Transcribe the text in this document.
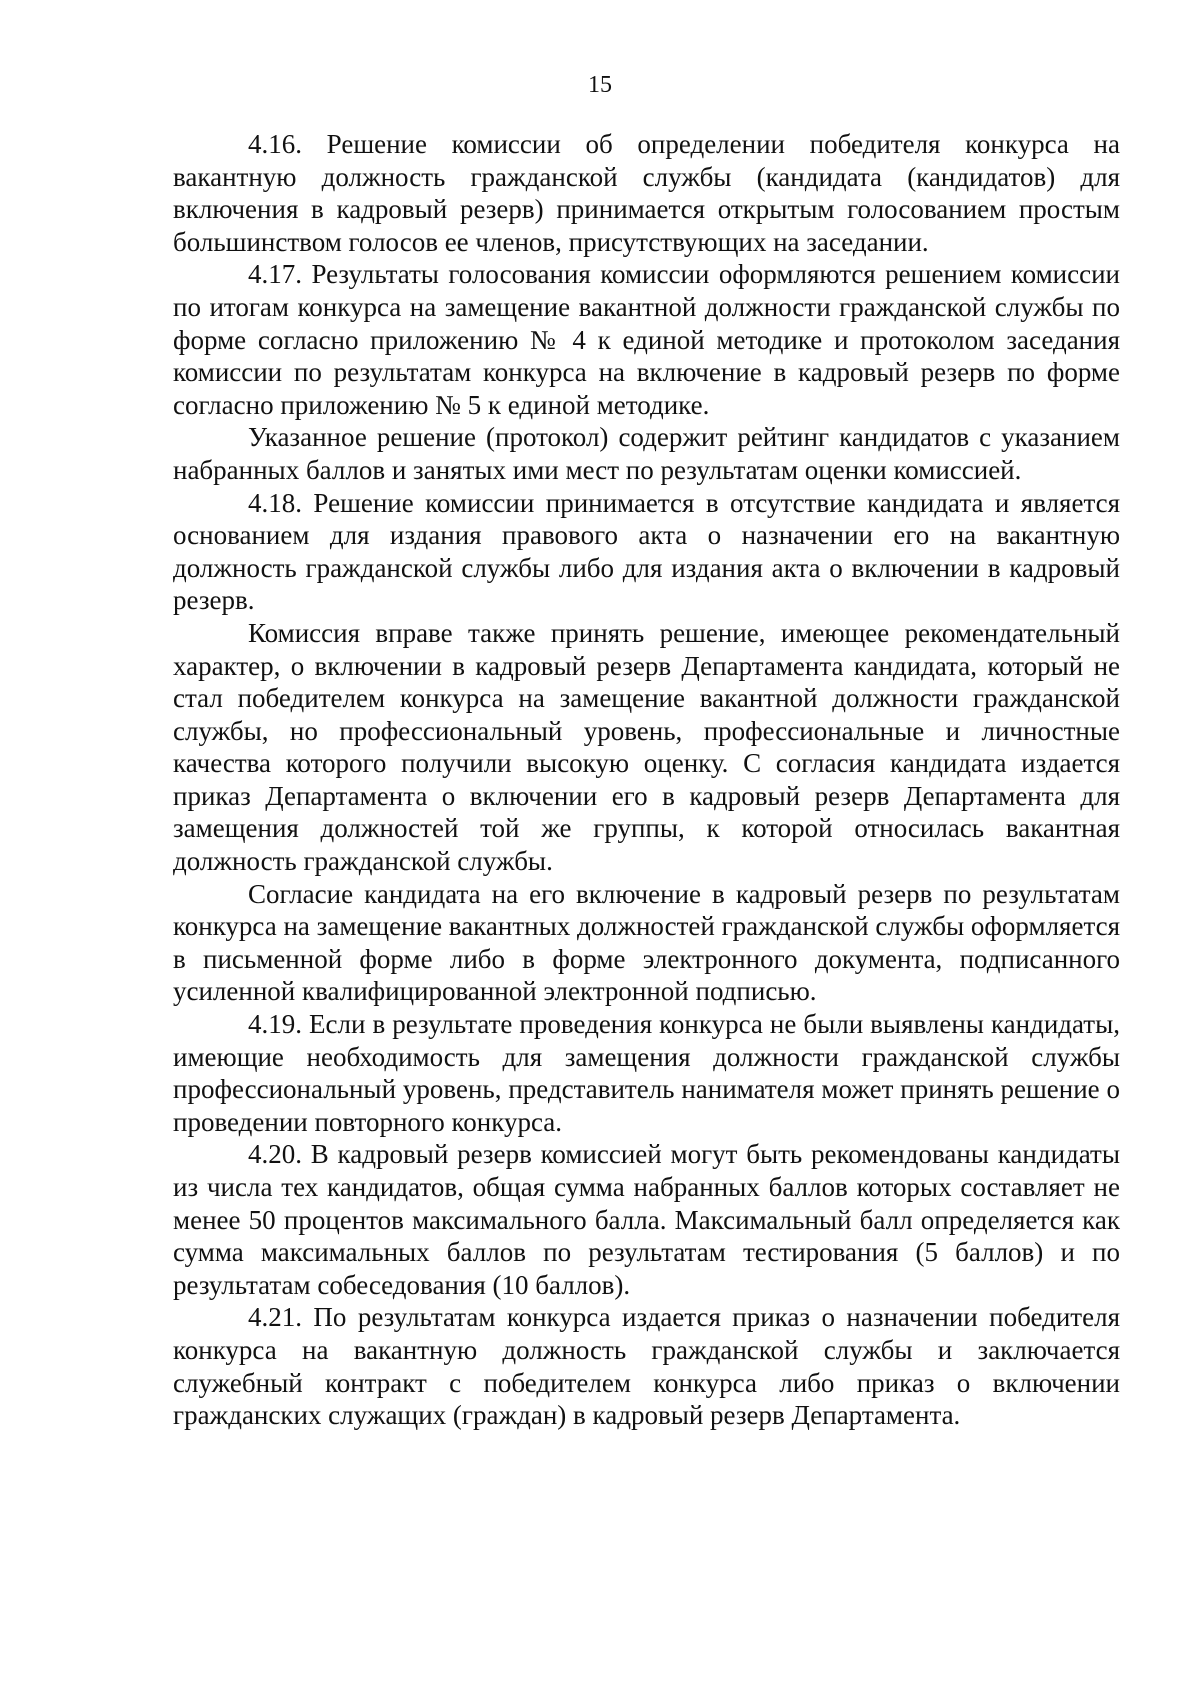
15

4.16. Решение комиссии об определении победителя конкурса на вакантную должность гражданской службы (кандидата (кандидатов) для включения в кадровый резерв) принимается открытым голосованием простым большинством голосов ее членов, присутствующих на заседании.

4.17. Результаты голосования комиссии оформляются решением комиссии по итогам конкурса на замещение вакантной должности гражданской службы по форме согласно приложению № 4 к единой методике и протоколом заседания комиссии по результатам конкурса на включение в кадровый резерв по форме согласно приложению № 5 к единой методике.

Указанное решение (протокол) содержит рейтинг кандидатов с указанием набранных баллов и занятых ими мест по результатам оценки комиссией.

4.18. Решение комиссии принимается в отсутствие кандидата и является основанием для издания правового акта о назначении его на вакантную должность гражданской службы либо для издания акта о включении в кадровый резерв.

Комиссия вправе также принять решение, имеющее рекомендательный характер, о включении в кадровый резерв Департамента кандидата, который не стал победителем конкурса на замещение вакантной должности гражданской службы, но профессиональный уровень, профессиональные и личностные качества которого получили высокую оценку. С согласия кандидата издается приказ Департамента о включении его в кадровый резерв Департамента для замещения должностей той же группы, к которой относилась вакантная должность гражданской службы.

Согласие кандидата на его включение в кадровый резерв по результатам конкурса на замещение вакантных должностей гражданской службы оформляется в письменной форме либо в форме электронного документа, подписанного усиленной квалифицированной электронной подписью.

4.19. Если в результате проведения конкурса не были выявлены кандидаты, имеющие необходимость для замещения должности гражданской службы профессиональный уровень, представитель нанимателя может принять решение о проведении повторного конкурса.

4.20. В кадровый резерв комиссией могут быть рекомендованы кандидаты из числа тех кандидатов, общая сумма набранных баллов которых составляет не менее 50 процентов максимального балла. Максимальный балл определяется как сумма максимальных баллов по результатам тестирования (5 баллов) и по результатам собеседования (10 баллов).

4.21. По результатам конкурса издается приказ о назначении победителя конкурса на вакантную должность гражданской службы и заключается служебный контракт с победителем конкурса либо приказ о включении гражданских служащих (граждан) в кадровый резерв Департамента.
